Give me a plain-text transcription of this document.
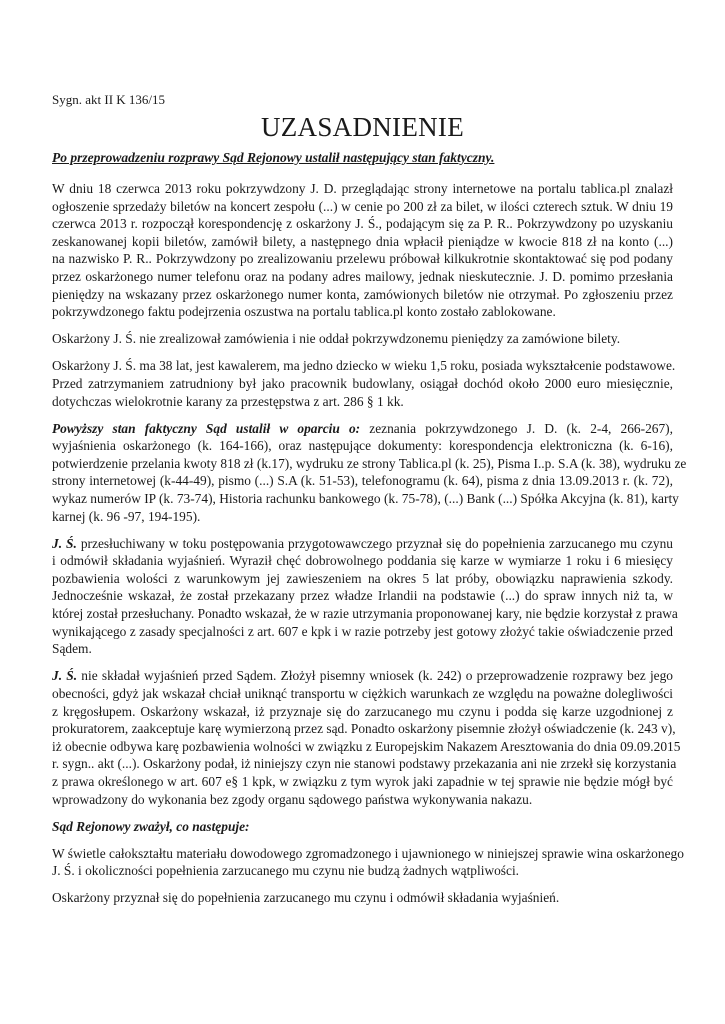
Sygn. akt II K 136/15
UZASADNIENIE
Po przeprowadzeniu rozprawy Sąd Rejonowy ustalił następujący stan faktyczny.
W dniu 18 czerwca 2013 roku pokrzywdzony J. D. przeglądając strony internetowe na portalu tablica.pl znalazł
ogłoszenie sprzedaży biletów na koncert zespołu (...) w cenie po 200 zł za bilet, w ilości czterech sztuk. W dniu 19
czerwca 2013 r. rozpoczął korespondencję z oskarżony J. Ś., podającym się za P. R.. Pokrzywdzony po uzyskaniu
zeskanowanej kopii biletów, zamówił bilety, a następnego dnia wpłacił pieniądze w kwocie 818 zł na konto (...)
na nazwisko P. R.. Pokrzywdzony po zrealizowaniu przelewu próbował kilkukrotnie skontaktować się pod podany
przez oskarżonego numer telefonu oraz na podany adres mailowy, jednak nieskutecznie. J. D. pomimo przesłania
pieniędzy na wskazany przez oskarżonego numer konta, zamówionych biletów nie otrzymał. Po zgłoszeniu przez
pokrzywdzonego faktu podejrzenia oszustwa na portalu tablica.pl konto zostało zablokowane.
Oskarżony J. Ś. nie zrealizował zamówienia i nie oddał pokrzywdzonemu pieniędzy za zamówione bilety.
Oskarżony J. Ś. ma 38 lat, jest kawalerem, ma jedno dziecko w wieku 1,5 roku, posiada wykształcenie podstawowe.
Przed zatrzymaniem zatrudniony był jako pracownik budowlany, osiągał dochód około 2000 euro miesięcznie,
dotychczas wielokrotnie karany za przestępstwa z art. 286 § 1 kk.
Powyższy stan faktyczny Sąd ustalił w oparciu o: zeznania pokrzywdzonego J. D. (k. 2-4, 266-267),
wyjaśnienia oskarżonego (k. 164-166), oraz następujące dokumenty: korespondencja elektroniczna (k. 6-16),
potwierdzenie przelania kwoty 818 zł (k.17), wydruku ze strony Tablica.pl (k. 25), Pisma I..p. S.A (k. 38), wydruku ze
strony internetowej (k-44-49), pismo (...) S.A (k. 51-53), telefonogramu (k. 64), pisma z dnia 13.09.2013 r. (k. 72),
wykaz numerów IP (k. 73-74), Historia rachunku bankowego (k. 75-78), (...) Bank (...) Spółka Akcyjna (k. 81), karty
karnej (k. 96 -97, 194-195).
J. Ś. przesłuchiwany w toku postępowania przygotowawczego przyznał się do popełnienia zarzucanego mu czynu
i odmówił składania wyjaśnień. Wyraził chęć dobrowolnego poddania się karze w wymiarze 1 roku i 6 miesięcy
pozbawienia wolości z warunkowym jej zawieszeniem na okres 5 lat próby, obowiązku naprawienia szkody.
Jednocześnie wskazał, że został przekazany przez władze Irlandii na podstawie (...) do spraw innych niż ta, w
której został przesłuchany. Ponadto wskazał, że w razie utrzymania proponowanej kary, nie będzie korzystał z prawa
wynikającego z zasady specjalności z art. 607 e kpk i w razie potrzeby jest gotowy złożyć takie oświadczenie przed
Sądem.
J. Ś. nie składał wyjaśnień przed Sądem. Złożył pisemny wniosek (k. 242) o przeprowadzenie rozprawy bez jego
obecności, gdyż jak wskazał chciał uniknąć transportu w ciężkich warunkach ze względu na poważne dolegliwości
z kręgosłupem. Oskarżony wskazał, iż przyznaje się do zarzucanego mu czynu i podda się karze uzgodnionej z
prokuratorem, zaakceptuje karę wymierzoną przez sąd. Ponadto oskarżony pisemnie złożył oświadczenie (k. 243 v),
iż obecnie odbywa karę pozbawienia wolności w związku z Europejskim Nakazem Aresztowania do dnia 09.09.2015
r. sygn.. akt (...). Oskarżony podał, iż niniejszy czyn nie stanowi podstawy przekazania ani nie zrzekł się korzystania
z prawa określonego w art. 607 e§ 1 kpk, w związku z tym wyrok jaki zapadnie w tej sprawie nie będzie mógł być
wprowadzony do wykonania bez zgody organu sądowego państwa wykonywania nakazu.
Sąd Rejonowy zważył, co następuje:
W świetle całokształtu materiału dowodowego zgromadzonego i ujawnionego w niniejszej sprawie wina oskarżonego
J. Ś. i okoliczności popełnienia zarzucanego mu czynu nie budzą żadnych wątpliwości.
Oskarżony przyznał się do popełnienia zarzucanego mu czynu i odmówił składania wyjaśnień.
